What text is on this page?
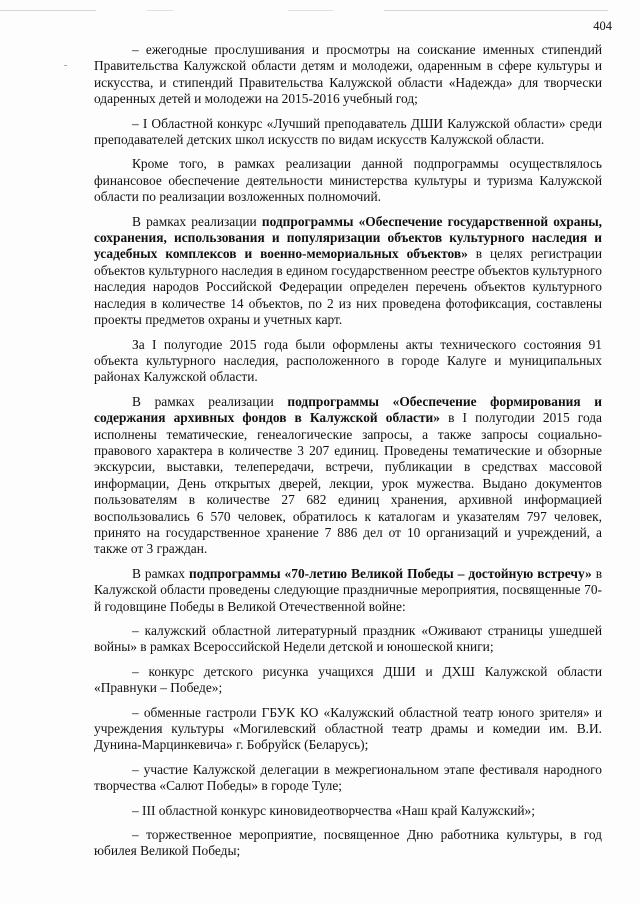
-
404

– ежегодные прослушивания и просмотры на соискание именных стипендий Правительства Калужской области детям и молодежи, одаренным в сфере культуры и искусства, и стипендий Правительства Калужской области «Надежда» для творчески одаренных детей и молодежи на 2015-2016 учебный год;

– I Областной конкурс «Лучший преподаватель ДШИ Калужской области» среди преподавателей детских школ искусств по видам искусств Калужской области.

Кроме того, в рамках реализации данной подпрограммы осуществлялось финансовое обеспечение деятельности министерства культуры и туризма Калужской области по реализации возложенных полномочий.

В рамках реализации подпрограммы «Обеспечение государственной охраны, сохранения, использования и популяризации объектов культурного наследия и усадебных комплексов и военно-мемориальных объектов» в целях регистрации объектов культурного наследия в едином государственном реестре объектов культурного наследия народов Российской Федерации определен перечень объектов культурного наследия в количестве 14 объектов, по 2 из них проведена фотофиксация, составлены проекты предметов охраны и учетных карт.

За I полугодие 2015 года были оформлены акты технического состояния 91 объекта культурного наследия, расположенного в городе Калуге и муниципальных районах Калужской области.

В рамках реализации подпрограммы «Обеспечение формирования и содержания архивных фондов в Калужской области» в I полугодии 2015 года исполнены тематические, генеалогические запросы, а также запросы социально-правового характера в количестве 3 207 единиц. Проведены тематические и обзорные экскурсии, выставки, телепередачи, встречи, публикации в средствах массовой информации, День открытых дверей, лекции, урок мужества. Выдано документов пользователям в количестве 27 682 единиц хранения, архивной информацией воспользовались 6 570 человек, обратилось к каталогам и указателям 797 человек, принято на государственное хранение 7 886 дел от 10 организаций и учреждений, а также от 3 граждан.

В рамках подпрограммы «70-летию Великой Победы – достойную встречу» в Калужской области проведены следующие праздничные мероприятия, посвященные 70-й годовщине Победы в Великой Отечественной войне:

– калужский областной литературный праздник «Оживают страницы ушедшей войны» в рамках Всероссийской Недели детской и юношеской книги;

– конкурс детского рисунка учащихся ДШИ и ДХШ Калужской области «Правнуки – Победе»;

– обменные гастроли ГБУК КО «Калужский областной театр юного зрителя» и учреждения культуры «Могилевский областной театр драмы и комедии им. В.И. Дунина-Марцинкевича» г. Бобруйск (Беларусь);

– участие Калужской делегации в межрегиональном этапе фестиваля народного творчества «Салют Победы» в городе Туле;

– III областной конкурс киновидеотворчества «Наш край Калужский»;

– торжественное мероприятие, посвященное Дню работника культуры, в год юбилея Великой Победы;
